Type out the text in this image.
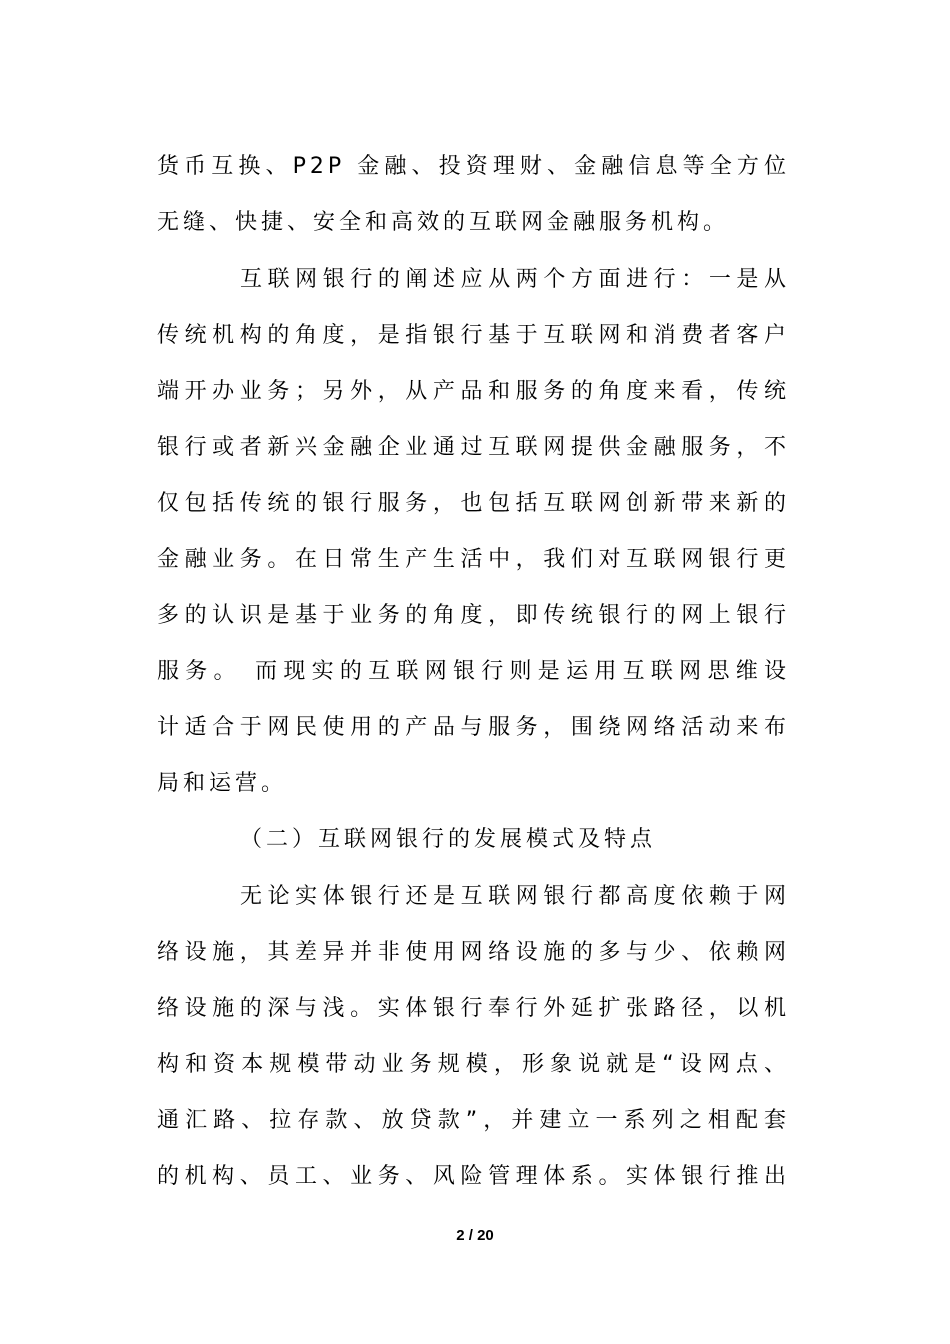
货币互换、P2P 金融、投资理财、金融信息等全方位
无缝、快捷、安全和高效的互联网金融服务机构。
互联网银行的阐述应从两个方面进行：一是从
传统机构的角度，是指银行基于互联网和消费者客户
端开办业务；另外，从产品和服务的角度来看，传统
银行或者新兴金融企业通过互联网提供金融服务，不
仅包括传统的银行服务，也包括互联网创新带来新的
金融业务。在日常生产生活中，我们对互联网银行更
多的认识是基于业务的角度，即传统银行的网上银行
服务。 而现实的互联网银行则是运用互联网思维设
计适合于网民使用的产品与服务，围绕网络活动来布
局和运营。
（二）互联网银行的发展模式及特点
无论实体银行还是互联网银行都高度依赖于网
络设施，其差异并非使用网络设施的多与少、依赖网
络设施的深与浅。实体银行奉行外延扩张路径，以机
构和资本规模带动业务规模，形象说就是“设网点、
通汇路、拉存款、放贷款”，并建立一系列之相配套
的机构、员工、业务、风险管理体系。实体银行推出
2 / 20
